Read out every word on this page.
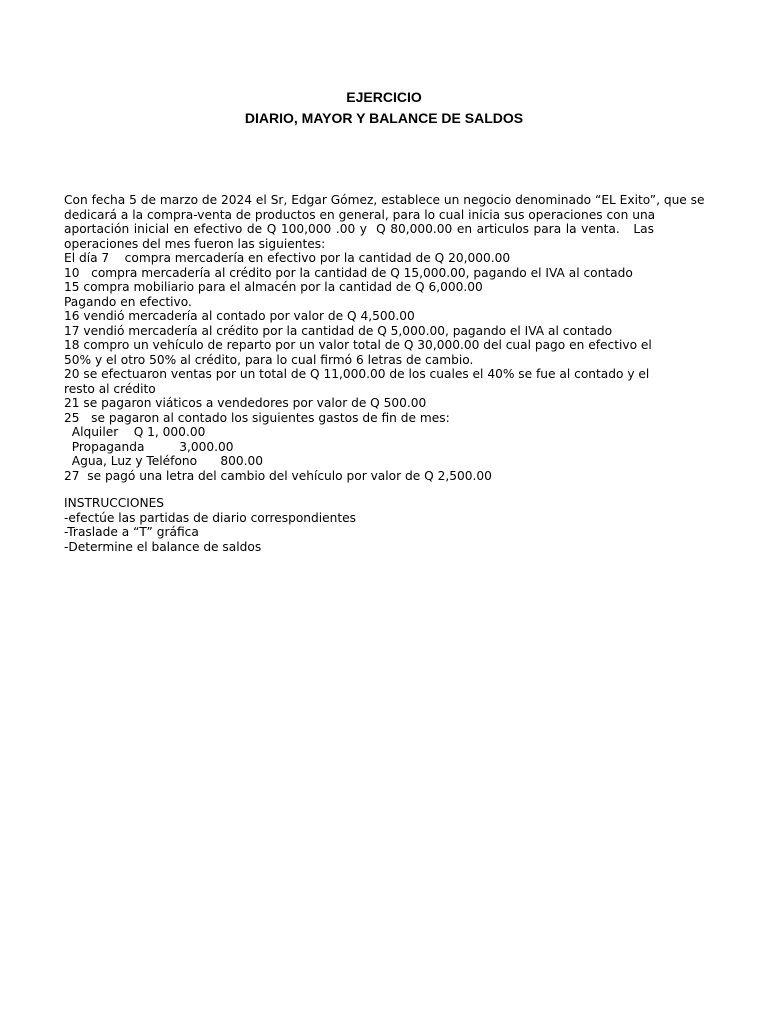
EJERCICIO
DIARIO, MAYOR Y BALANCE DE SALDOS
Con fecha 5 de marzo de 2024 el Sr, Edgar Gómez, establece un negocio denominado “EL Exito”, que se
dedicará a la compra-venta de productos en general, para lo cual inicia sus operaciones con una
aportación inicial en efectivo de Q 100,000 .00 y  Q 80,000.00 en articulos para la venta.   Las
operaciones del mes fueron las siguientes:
El día 7    compra mercadería en efectivo por la cantidad de Q 20,000.00
10   compra mercadería al crédito por la cantidad de Q 15,000.00, pagando el IVA al contado
15 compra mobiliario para el almacén por la cantidad de Q 6,000.00
Pagando en efectivo.
16 vendió mercadería al contado por valor de Q 4,500.00
17 vendió mercadería al crédito por la cantidad de Q 5,000.00, pagando el IVA al contado
18 compro un vehículo de reparto por un valor total de Q 30,000.00 del cual pago en efectivo el 50% y el otro 50% al crédito, para lo cual firmó 6 letras de cambio.
20 se efectuaron ventas por un total de Q 11,000.00 de los cuales el 40% se fue al contado y el resto al crédito
21 se pagaron viáticos a vendedores por valor de Q 500.00
25   se pagaron al contado los siguientes gastos de fin de mes:
Alquiler    Q 1, 000.00
Propaganda         3,000.00
Agua, Luz y Teléfono      800.00
27  se pagó una letra del cambio del vehículo por valor de Q 2,500.00
INSTRUCCIONES
-efectúe las partidas de diario correspondientes
-Traslade a “T” gráfica
-Determine el balance de saldos
